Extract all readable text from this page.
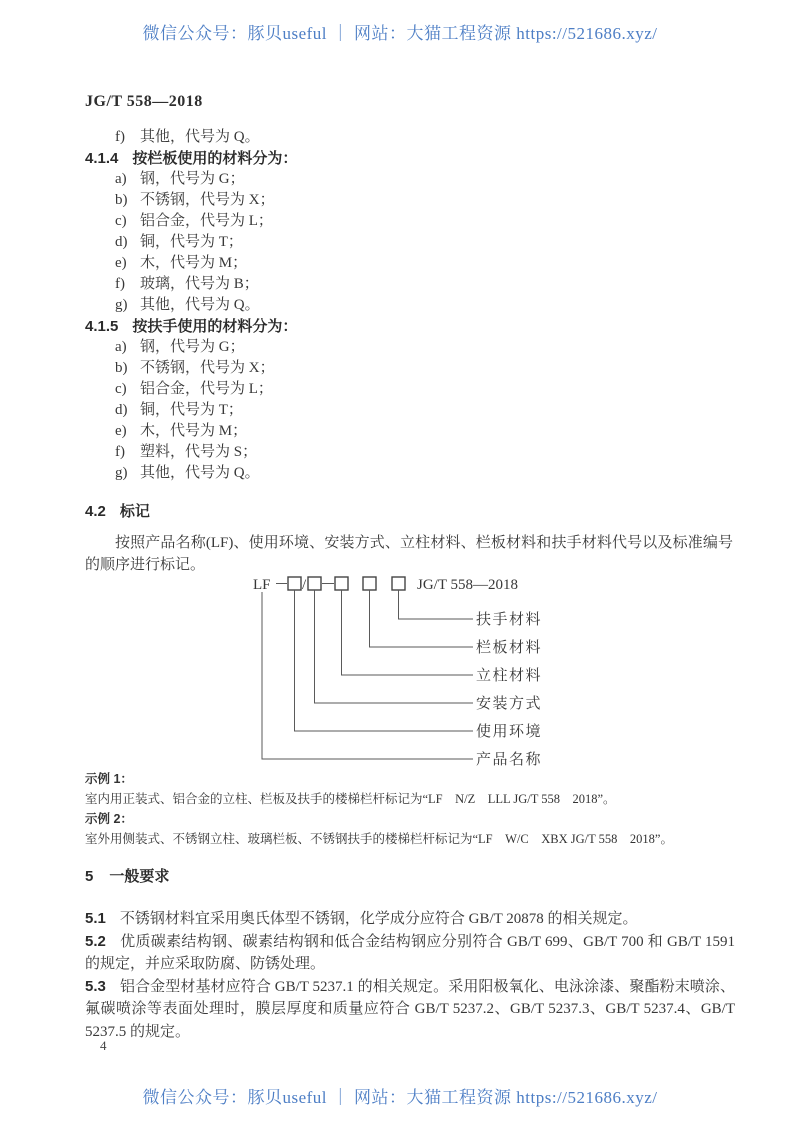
微信公众号：豚贝useful ｜ 网站：大猫工程资源 https://521686.xyz/
JG/T 558—2018
f) 其他，代号为 Q。
4.1.4 按栏板使用的材料分为：
a) 钢，代号为 G；
b) 不锈钢，代号为 X；
c) 铝合金，代号为 L；
d) 铜，代号为 T；
e) 木，代号为 M；
f) 玻璃，代号为 B；
g) 其他，代号为 Q。
4.1.5 按扶手使用的材料分为：
a) 钢，代号为 G；
b) 不锈钢，代号为 X；
c) 铝合金，代号为 L；
d) 铜，代号为 T；
e) 木，代号为 M；
f) 塑料，代号为 S；
g) 其他，代号为 Q。
4.2 标记
按照产品名称(LF)、使用环境、安装方式、立柱材料、栏板材料和扶手材料代号以及标准编号的顺序进行标记。
LF /	JG/T 558—2018
扶手材料
栏板材料
立柱材料
安装方式
使用环境
产品名称
示例 1：
室内用正装式、铝合金的立柱、栏板及扶手的楼梯栏杆标记为“LF　N/Z　LLL JG/T 558　2018”。
示例 2：
室外用侧装式、不锈钢立柱、玻璃栏板、不锈钢扶手的楼梯栏杆标记为“LF　W/C　XBX JG/T 558　2018”。
5 一般要求
5.1 不锈钢材料宜采用奥氏体型不锈钢，化学成分应符合 GB/T 20878 的相关规定。
5.2 优质碳素结构钢、碳素结构钢和低合金结构钢应分别符合 GB/T 699、GB/T 700 和 GB/T 1591 的规定，并应采取防腐、防锈处理。
5.3 铝合金型材基材应符合 GB/T 5237.1 的相关规定。采用阳极氧化、电泳涂漆、聚酯粉末喷涂、氟碳喷涂等表面处理时，膜层厚度和质量应符合 GB/T 5237.2、GB/T 5237.3、GB/T 5237.4、GB/T 5237.5 的规定。
4
微信公众号：豚贝useful ｜ 网站：大猫工程资源 https://521686.xyz/
